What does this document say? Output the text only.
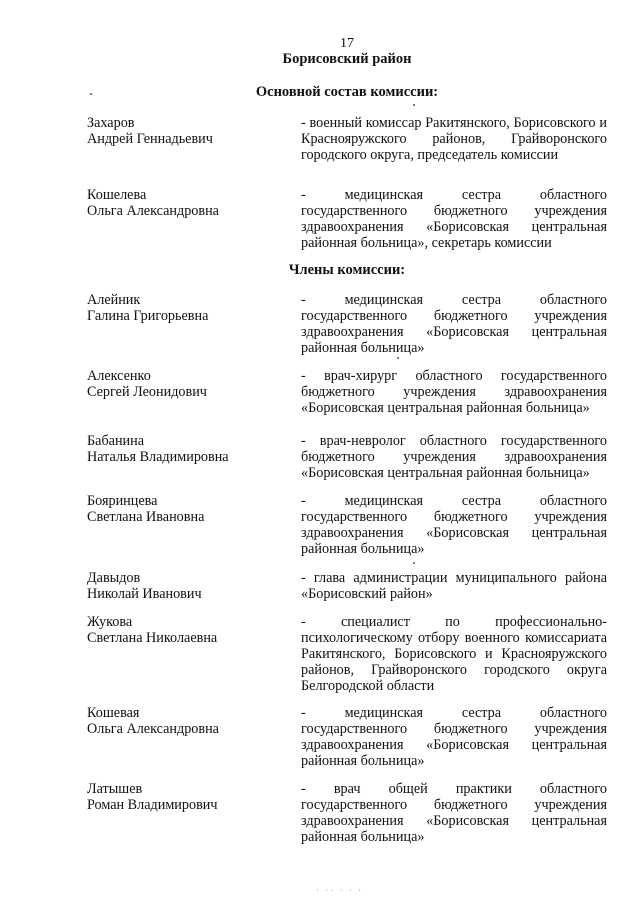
17
Борисовский район
Основной состав комиссии:
Захаров
Андрей Геннадьевич
- военный комиссар Ракитянского, Борисовского и Краснояружского районов, Грайворонского городского округа, председатель комиссии
Кошелева
Ольга Александровна
- медицинская сестра областного государственного бюджетного учреждения здравоохранения «Борисовская центральная районная больница», секретарь комиссии
Члены комиссии:
Алейник
Галина Григорьевна
- медицинская сестра областного государственного бюджетного учреждения здравоохранения «Борисовская центральная районная больница»
Алексенко
Сергей Леонидович
- врач-хирург областного государственного бюджетного учреждения здравоохранения «Борисовская центральная районная больница»
Бабанина
Наталья Владимировна
- врач-невролог областного государственного бюджетного учреждения здравоохранения «Борисовская центральная районная больница»
Бояринцева
Светлана Ивановна
- медицинская сестра областного государственного бюджетного учреждения здравоохранения «Борисовская центральная районная больница»
Давыдов
Николай Иванович
- глава администрации муниципального района «Борисовский район»
Жукова
Светлана Николаевна
- специалист по профессионально-психологическому отбору военного комиссариата Ракитянского, Борисовского и Краснояружского районов, Грайворонского городского округа Белгородской области
Кошевая
Ольга Александровна
- медицинская сестра областного государственного бюджетного учреждения здравоохранения «Борисовская центральная районная больница»
Латышев
Роман Владимирович
- врач общей практики областного государственного бюджетного учреждения здравоохранения «Борисовская центральная районная больница»
· ·· · · ·
